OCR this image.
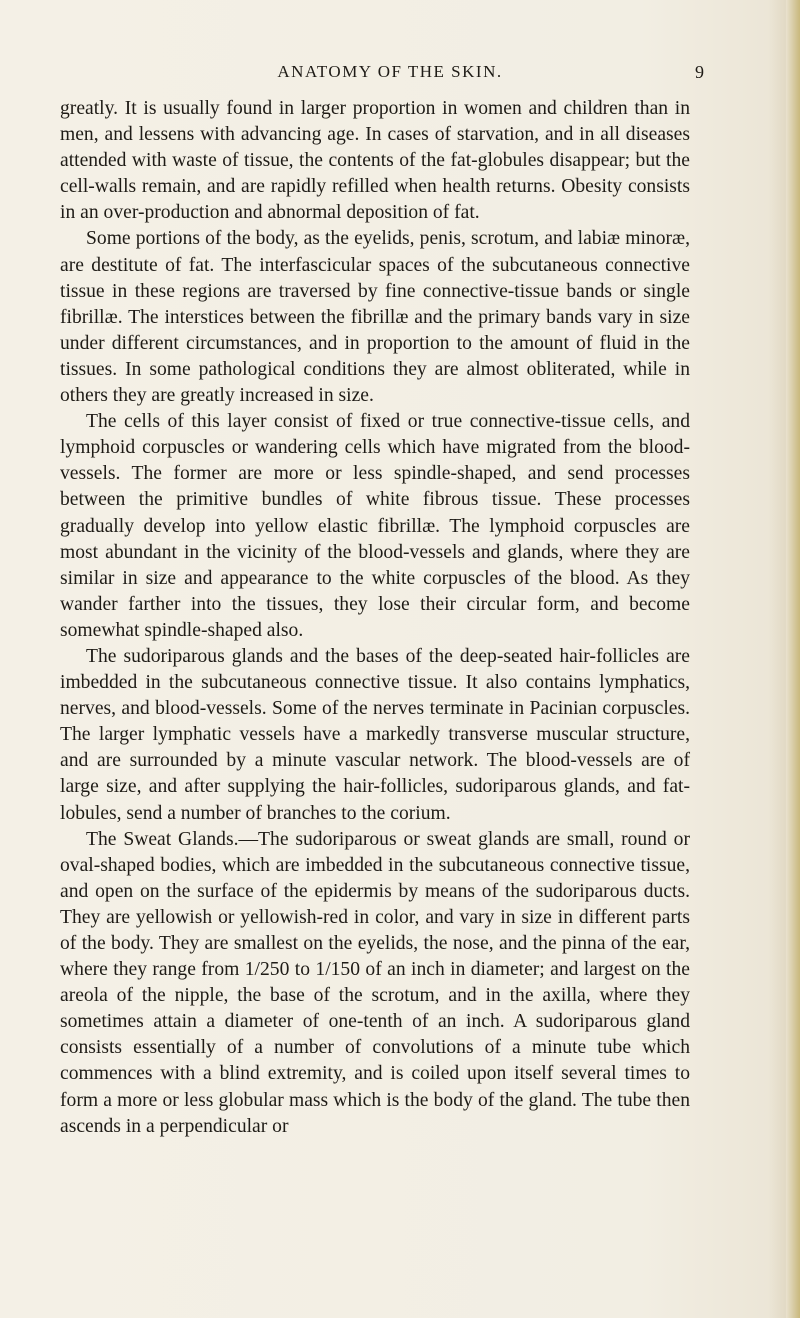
ANATOMY OF THE SKIN.	9

greatly. It is usually found in larger proportion in women and children than in men, and lessens with advancing age. In cases of starvation, and in all diseases attended with waste of tissue, the contents of the fat-globules disappear; but the cell-walls remain, and are rapidly refilled when health returns. Obesity consists in an over-production and abnormal deposition of fat.

Some portions of the body, as the eyelids, penis, scrotum, and labiæ minoræ, are destitute of fat. The interfascicular spaces of the subcutaneous connective tissue in these regions are traversed by fine connective-tissue bands or single fibrillæ. The interstices between the fibrillæ and the primary bands vary in size under different circumstances, and in proportion to the amount of fluid in the tissues. In some pathological conditions they are almost obliterated, while in others they are greatly increased in size.

The cells of this layer consist of fixed or true connective-tissue cells, and lymphoid corpuscles or wandering cells which have migrated from the blood-vessels. The former are more or less spindle-shaped, and send processes between the primitive bundles of white fibrous tissue. These processes gradually develop into yellow elastic fibrillæ. The lymphoid corpuscles are most abundant in the vicinity of the blood-vessels and glands, where they are similar in size and appearance to the white corpuscles of the blood. As they wander farther into the tissues, they lose their circular form, and become somewhat spindle-shaped also.

The sudoriparous glands and the bases of the deep-seated hair-follicles are imbedded in the subcutaneous connective tissue. It also contains lymphatics, nerves, and blood-vessels. Some of the nerves terminate in Pacinian corpuscles. The larger lymphatic vessels have a markedly transverse muscular structure, and are surrounded by a minute vascular network. The blood-vessels are of large size, and after supplying the hair-follicles, sudoriparous glands, and fat-lobules, send a number of branches to the corium.

The Sweat Glands.—The sudoriparous or sweat glands are small, round or oval-shaped bodies, which are imbedded in the subcutaneous connective tissue, and open on the surface of the epidermis by means of the sudoriparous ducts. They are yellowish or yellowish-red in color, and vary in size in different parts of the body. They are smallest on the eyelids, the nose, and the pinna of the ear, where they range from 1/250 to 1/150 of an inch in diameter; and largest on the areola of the nipple, the base of the scrotum, and in the axilla, where they sometimes attain a diameter of one-tenth of an inch. A sudoriparous gland consists essentially of a number of convolutions of a minute tube which commences with a blind extremity, and is coiled upon itself several times to form a more or less globular mass which is the body of the gland. The tube then ascends in a perpendicular or
